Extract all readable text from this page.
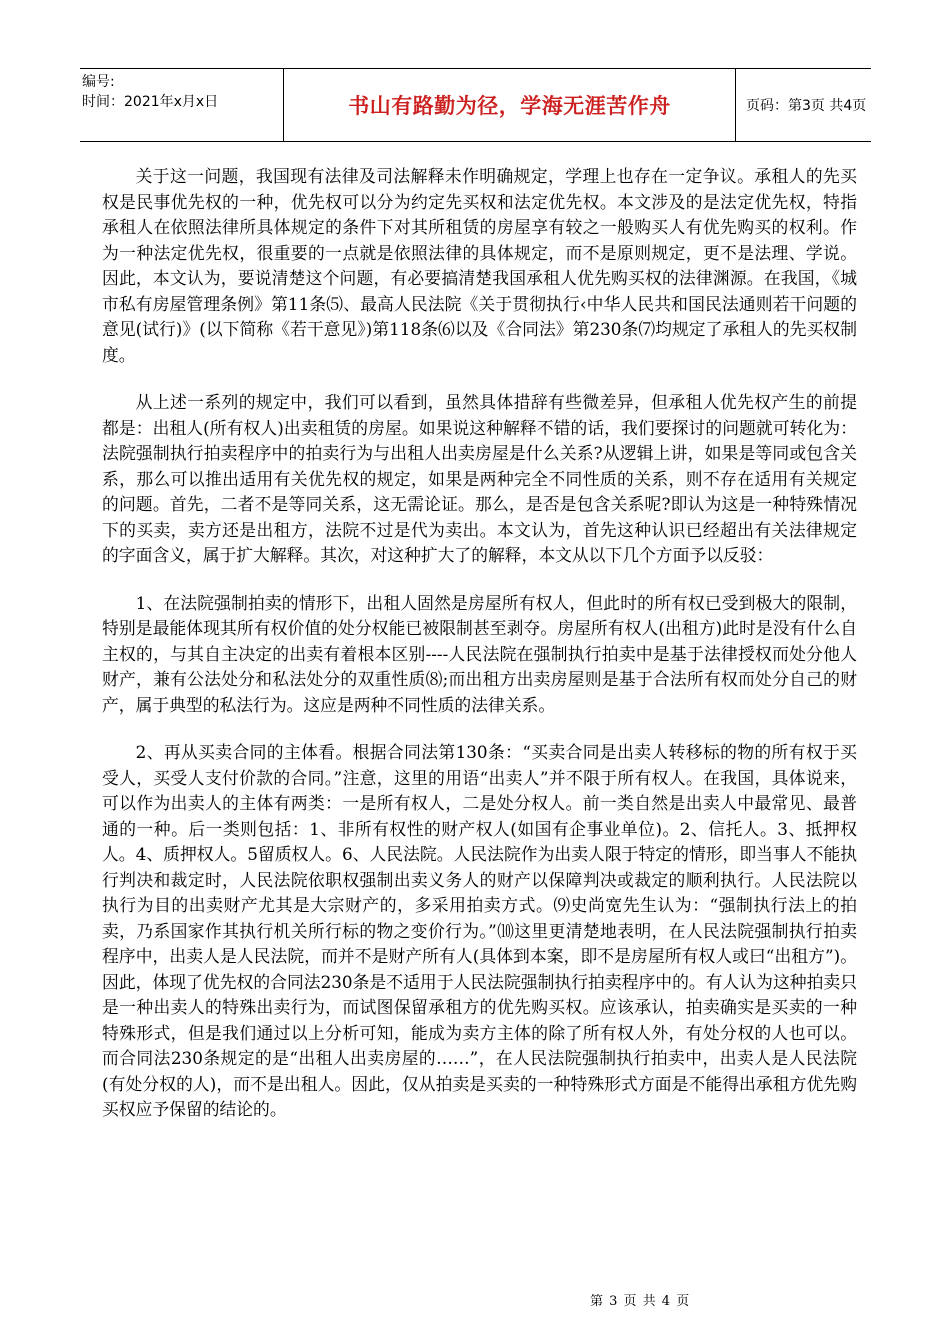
编号:
时间：2021年x月x日	书山有路勤为径，学海无涯苦作舟	页码：第3页 共4页

关于这一问题，我国现有法律及司法解释未作明确规定，学理上也存在一定争议。承租人的先买权是民事优先权的一种，优先权可以分为约定先买权和法定优先权。本文涉及的是法定优先权，特指承租人在依照法律所具体规定的条件下对其所租赁的房屋享有较之一般购买人有优先购买的权利。作为一种法定优先权，很重要的一点就是依照法律的具体规定，而不是原则规定，更不是法理、学说。因此，本文认为，要说清楚这个问题，有必要搞清楚我国承租人优先购买权的法律渊源。在我国，《城市私有房屋管理条例》第11条⑸、最高人民法院《关于贯彻执行‹中华人民共和国民法通则若干问题的意见(试行)》(以下简称《若干意见》)第118条⑹以及《合同法》第230条⑺均规定了承租人的先买权制度。

从上述一系列的规定中，我们可以看到，虽然具体措辞有些微差异，但承租人优先权产生的前提都是：出租人(所有权人)出卖租赁的房屋。如果说这种解释不错的话，我们要探讨的问题就可转化为：法院强制执行拍卖程序中的拍卖行为与出租人出卖房屋是什么关系?从逻辑上讲，如果是等同或包含关系，那么可以推出适用有关优先权的规定，如果是两种完全不同性质的关系，则不存在适用有关规定的问题。首先，二者不是等同关系，这无需论证。那么，是否是包含关系呢?即认为这是一种特殊情况下的买卖，卖方还是出租方，法院不过是代为卖出。本文认为，首先这种认识已经超出有关法律规定的字面含义，属于扩大解释。其次，对这种扩大了的解释，本文从以下几个方面予以反驳：

1、在法院强制拍卖的情形下，出租人固然是房屋所有权人，但此时的所有权已受到极大的限制，特别是最能体现其所有权价值的处分权能已被限制甚至剥夺。房屋所有权人(出租方)此时是没有什么自主权的，与其自主决定的出卖有着根本区别----人民法院在强制执行拍卖中是基于法律授权而处分他人财产，兼有公法处分和私法处分的双重性质⑻;而出租方出卖房屋则是基于合法所有权而处分自己的财产，属于典型的私法行为。这应是两种不同性质的法律关系。

2、再从买卖合同的主体看。根据合同法第130条：“买卖合同是出卖人转移标的物的所有权于买受人，买受人支付价款的合同。”注意，这里的用语“出卖人”并不限于所有权人。在我国，具体说来，可以作为出卖人的主体有两类：一是所有权人，二是处分权人。前一类自然是出卖人中最常见、最普通的一种。后一类则包括：1、非所有权性的财产权人(如国有企事业单位)。2、信托人。3、抵押权人。4、质押权人。5留质权人。6、人民法院。人民法院作为出卖人限于特定的情形，即当事人不能执行判决和裁定时，人民法院依职权强制出卖义务人的财产以保障判决或裁定的顺利执行。人民法院以执行为目的出卖财产尤其是大宗财产的，多采用拍卖方式。⑼史尚宽先生认为：“强制执行法上的拍卖，乃系国家作其执行机关所行标的物之变价行为。”⑽这里更清楚地表明，在人民法院强制执行拍卖程序中，出卖人是人民法院，而并不是财产所有人(具体到本案，即不是房屋所有权人或曰“出租方”)。因此，体现了优先权的合同法230条是不适用于人民法院强制执行拍卖程序中的。有人认为这种拍卖只是一种出卖人的特殊出卖行为，而试图保留承租方的优先购买权。应该承认，拍卖确实是买卖的一种特殊形式，但是我们通过以上分析可知，能成为卖方主体的除了所有权人外，有处分权的人也可以。而合同法230条规定的是“出租人出卖房屋的……”，在人民法院强制执行拍卖中，出卖人是人民法院(有处分权的人)，而不是出租人。因此，仅从拍卖是买卖的一种特殊形式方面是不能得出承租方优先购买权应予保留的结论的。

第 3 页 共 4 页
